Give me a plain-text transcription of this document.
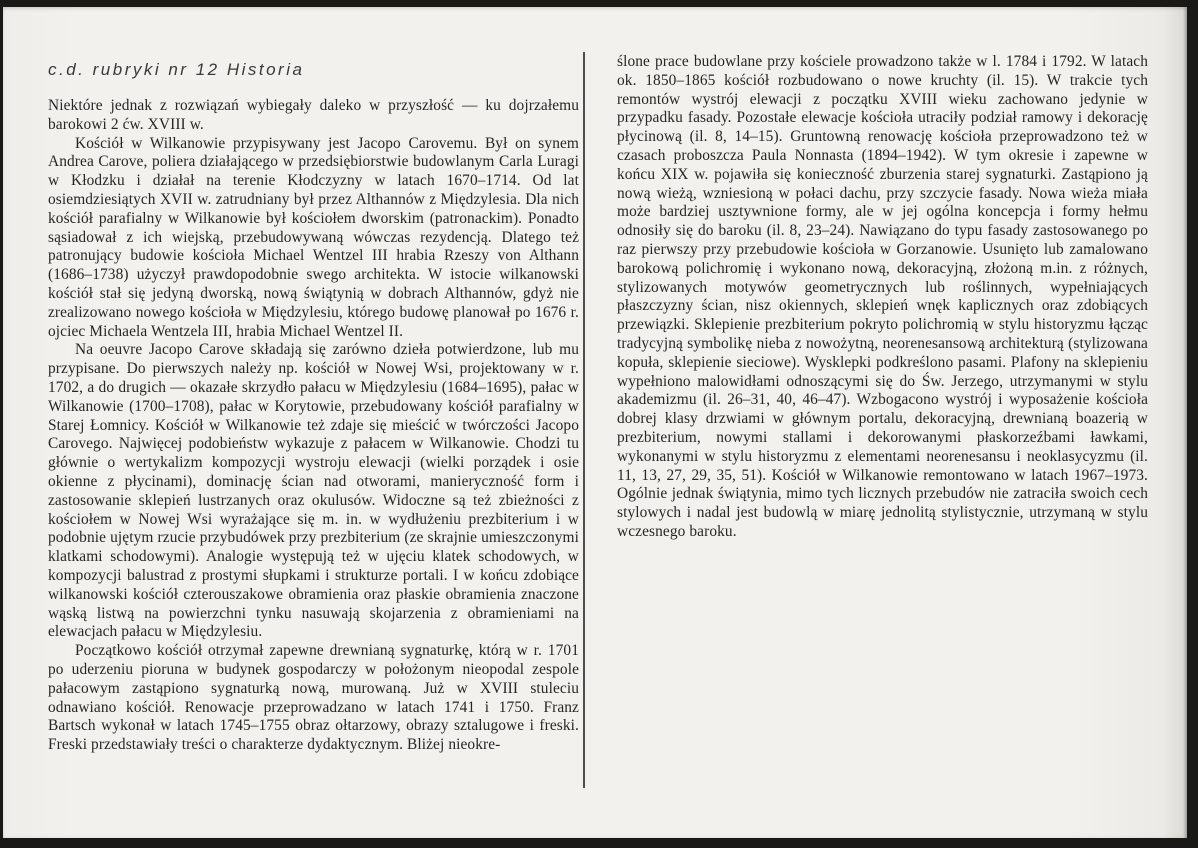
c.d. rubryki nr 12 Historia

Niektóre jednak z rozwiązań wybiegały daleko w przyszłość — ku dojrzałemu barokowi 2 ćw. XVIII w.

Kościół w Wilkanowie przypisywany jest Jacopo Carovemu. Był on synem Andrea Carove, poliera działającego w przedsiębiorstwie budowlanym Carla Luragi w Kłodzku i działał na terenie Kłodczyzny w latach 1670–1714. Od lat osiemdziesiątych XVII w. zatrudniany był przez Althannów z Międzylesia. Dla nich kościół parafialny w Wilkanowie był kościołem dworskim (patronackim). Ponadto sąsiadował z ich wiejską, przebudowywaną wówczas rezydencją. Dlatego też patronujący budowie kościoła Michael Wentzel III hrabia Rzeszy von Althann (1686–1738) użyczył prawdopodobnie swego architekta. W istocie wilkanowski kościół stał się jedyną dworską, nową świątynią w dobrach Althannów, gdyż nie zrealizowano nowego kościoła w Międzylesiu, którego budowę planował po 1676 r. ojciec Michaela Wentzela III, hrabia Michael Wentzel II.

Na oeuvre Jacopo Carove składają się zarówno dzieła potwierdzone, lub mu przypisane. Do pierwszych należy np. kościół w Nowej Wsi, projektowany w r. 1702, a do drugich — okazałe skrzydło pałacu w Międzylesiu (1684–1695), pałac w Wilkanowie (1700–1708), pałac w Korytowie, przebudowany kościół parafialny w Starej Łomnicy. Kościół w Wilkanowie też zdaje się mieścić w twórczości Jacopo Carovego. Najwięcej podobieństw wykazuje z pałacem w Wilkanowie. Chodzi tu głównie o wertykalizm kompozycji wystroju elewacji (wielki porządek i osie okienne z płycinami), dominację ścian nad otworami, manieryczność form i zastosowanie sklepień lustrzanych oraz okulusów. Widoczne są też zbieżności z kościołem w Nowej Wsi wyrażające się m. in. w wydłużeniu prezbiterium i w podobnie ujętym rzucie przybudówek przy prezbiterium (ze skrajnie umieszczonymi klatkami schodowymi). Analogie występują też w ujęciu klatek schodowych, w kompozycji balustrad z prostymi słupkami i strukturze portali. I w końcu zdobiące wilkanowski kościół czterouszakowe obramienia oraz płaskie obramienia znaczone wąską listwą na powierzchni tynku nasuwają skojarzenia z obramieniami na elewacjach pałacu w Międzylesiu.

Początkowo kościół otrzymał zapewne drewnianą sygnaturkę, którą w r. 1701 po uderzeniu pioruna w budynek gospodarczy w położonym nieopodal zespole pałacowym zastąpiono sygnaturką nową, murowaną. Już w XVIII stuleciu odnawiano kościół. Renowacje przeprowadzano w latach 1741 i 1750. Franz Bartsch wykonał w latach 1745–1755 obraz ołtarzowy, obrazy sztalugowe i freski. Freski przedstawiały treści o charakterze dydaktycznym. Bliżej nieokre-

ślone prace budowlane przy kościele prowadzono także w l. 1784 i 1792. W latach ok. 1850–1865 kościół rozbudowano o nowe kruchty (il. 15). W trakcie tych remontów wystrój elewacji z początku XVIII wieku zachowano jedynie w przypadku fasady. Pozostałe elewacje kościoła utraciły podział ramowy i dekorację płycinową (il. 8, 14–15). Gruntowną renowację kościoła przeprowadzono też w czasach proboszcza Paula Nonnasta (1894–1942). W tym okresie i zapewne w końcu XIX w. pojawiła się konieczność zburzenia starej sygnaturki. Zastąpiono ją nową wieżą, wzniesioną w połaci dachu, przy szczycie fasady. Nowa wieża miała może bardziej usztywnione formy, ale w jej ogólna koncepcja i formy hełmu odnosiły się do baroku (il. 8, 23–24). Nawiązano do typu fasady zastosowanego po raz pierwszy przy przebudowie kościoła w Gorzanowie. Usunięto lub zamalowano barokową polichromię i wykonano nową, dekoracyjną, złożoną m.in. z różnych, stylizowanych motywów geometrycznych lub roślinnych, wypełniających płaszczyzny ścian, nisz okiennych, sklepień wnęk kaplicznych oraz zdobiących przewiązki. Sklepienie prezbiterium pokryto polichromią w stylu historyzmu łącząc tradycyjną symbolikę nieba z nowożytną, neorenesansową architekturą (stylizowana kopuła, sklepienie sieciowe). Wysklepki podkreślono pasami. Plafony na sklepieniu wypełniono malowidłami odnoszącymi się do Św. Jerzego, utrzymanymi w stylu akademizmu (il. 26–31, 40, 46–47). Wzbogacono wystrój i wyposażenie kościoła dobrej klasy drzwiami w głównym portalu, dekoracyjną, drewnianą boazerią w prezbiterium, nowymi stallami i dekorowanymi płaskorzeźbami ławkami, wykonanymi w stylu historyzmu z elementami neorenesansu i neoklasycyzmu (il. 11, 13, 27, 29, 35, 51). Kościół w Wilkanowie remontowano w latach 1967–1973. Ogólnie jednak świątynia, mimo tych licznych przebudów nie zatraciła swoich cech stylowych i nadal jest budowlą w miarę jednolitą stylistycznie, utrzymaną w stylu wczesnego baroku.
